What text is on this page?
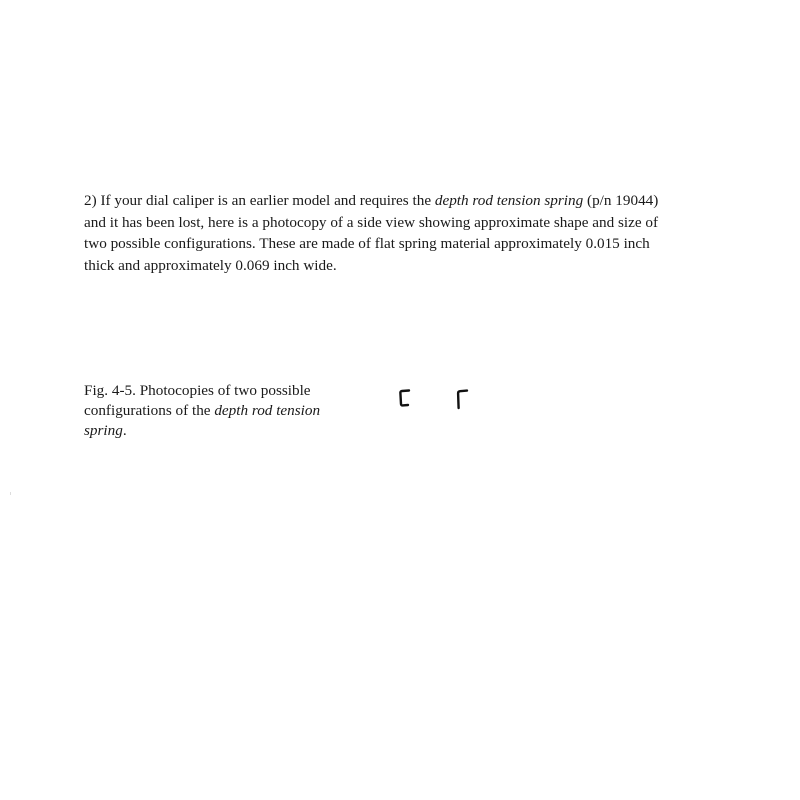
2) If your dial caliper is an earlier model and requires the depth rod tension spring (p/n 19044)
and it has been lost, here is a photocopy of a side view showing approximate shape and size of
two possible configurations. These are made of flat spring material approximately 0.015 inch
thick and approximately 0.069 inch wide.

Fig. 4-5. Photocopies of two possible
configurations of the depth rod tension
spring.
